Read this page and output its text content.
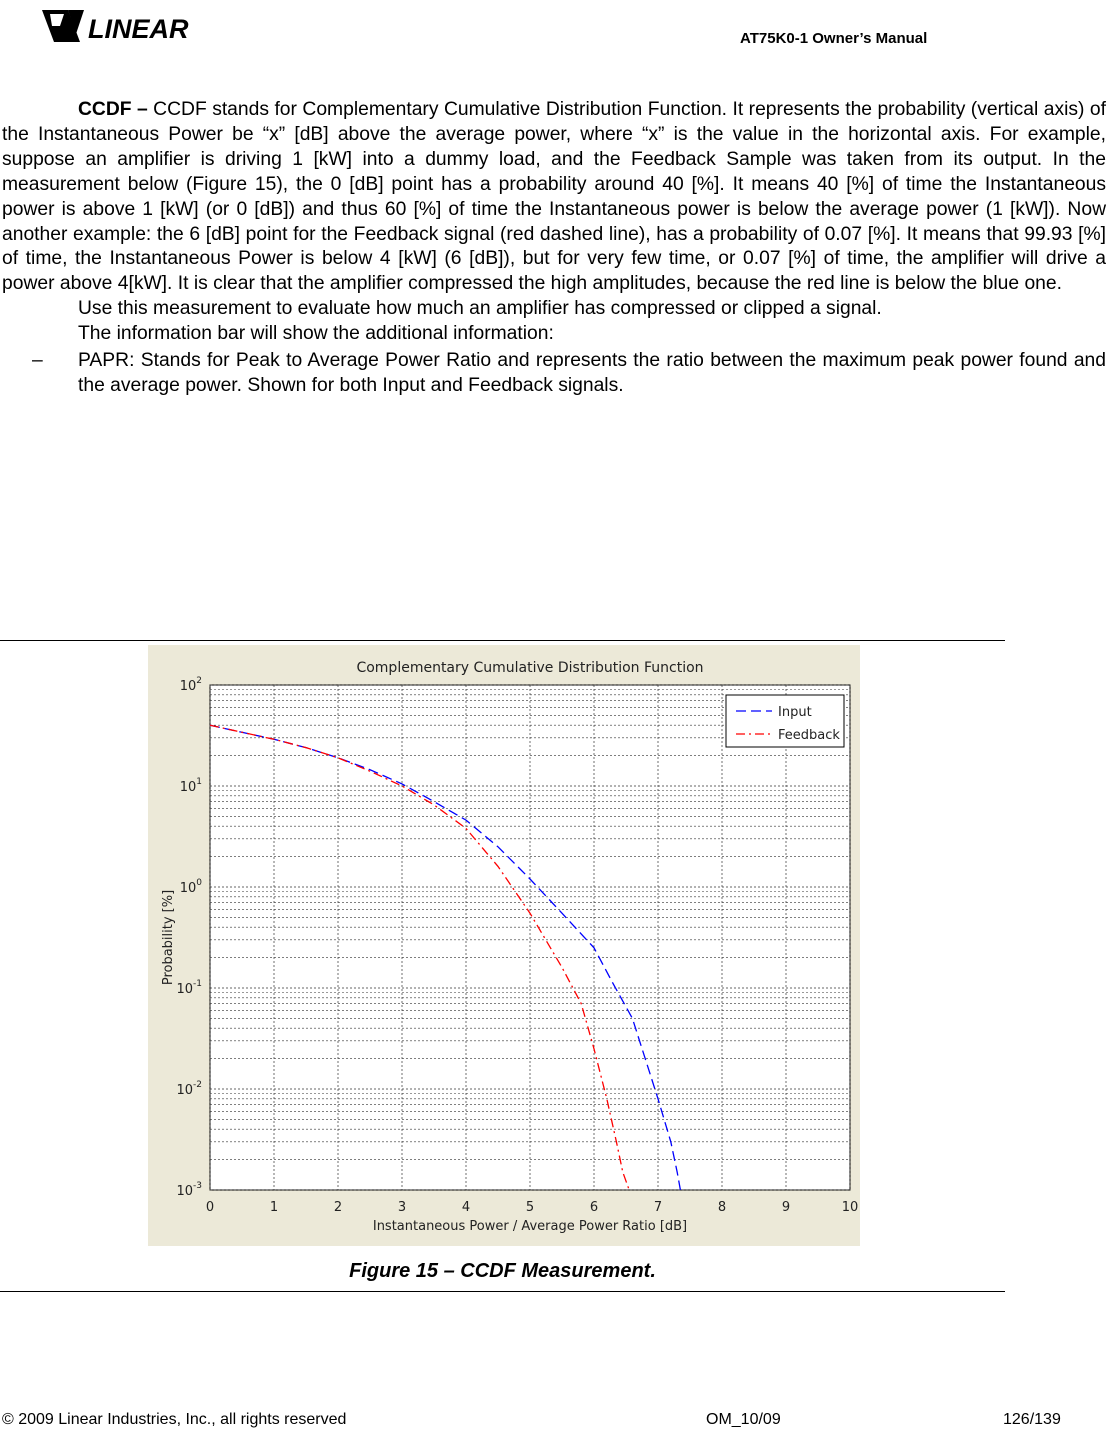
LINEAR	AT75K0-1 Owner’s Manual

CCDF – CCDF stands for Complementary Cumulative Distribution Function. It represents the probability (vertical axis) of the Instantaneous Power be “x” [dB] above the average power, where “x” is the value in the horizontal axis. For example, suppose an amplifier is driving 1 [kW] into a dummy load, and the Feedback Sample was taken from its output. In the measurement below (Figure 15), the 0 [dB] point has a probability around 40 [%]. It means 40 [%] of time the Instantaneous power is above 1 [kW] (or 0 [dB]) and thus 60 [%] of time the Instantaneous power is below the average power (1 [kW]). Now another example: the 6 [dB] point for the Feedback signal (red dashed line), has a probability of 0.07 [%]. It means that 99.93 [%] of time, the Instantaneous Power is below 4 [kW] (6 [dB]), but for very few time, or 0.07 [%] of time, the amplifier will drive a power above 4[kW]. It is clear that the amplifier compressed the high amplitudes, because the red line is below the blue one.

Use this measurement to evaluate how much an amplifier has compressed or clipped a signal.

The information bar will show the additional information:

–	PAPR: Stands for Peak to Average Power Ratio and represents the ratio between the maximum peak power found and the average power. Shown for both Input and Feedback signals.
Complementary Cumulative Distribution Function
$10^2$
$10^1$
$10^0$
$10^{-1}$
$10^{-2}$
$10^{-3}$
0	1	2	3	4	5	6	7	8	9	10
Instantaneous Power / Average Power Ratio [dB]
Probability [%]
Input
Feedback
Figure 15 – CCDF Measurement.
© 2009 Linear Industries, Inc., all rights reserved	OM_10/09	126/139
